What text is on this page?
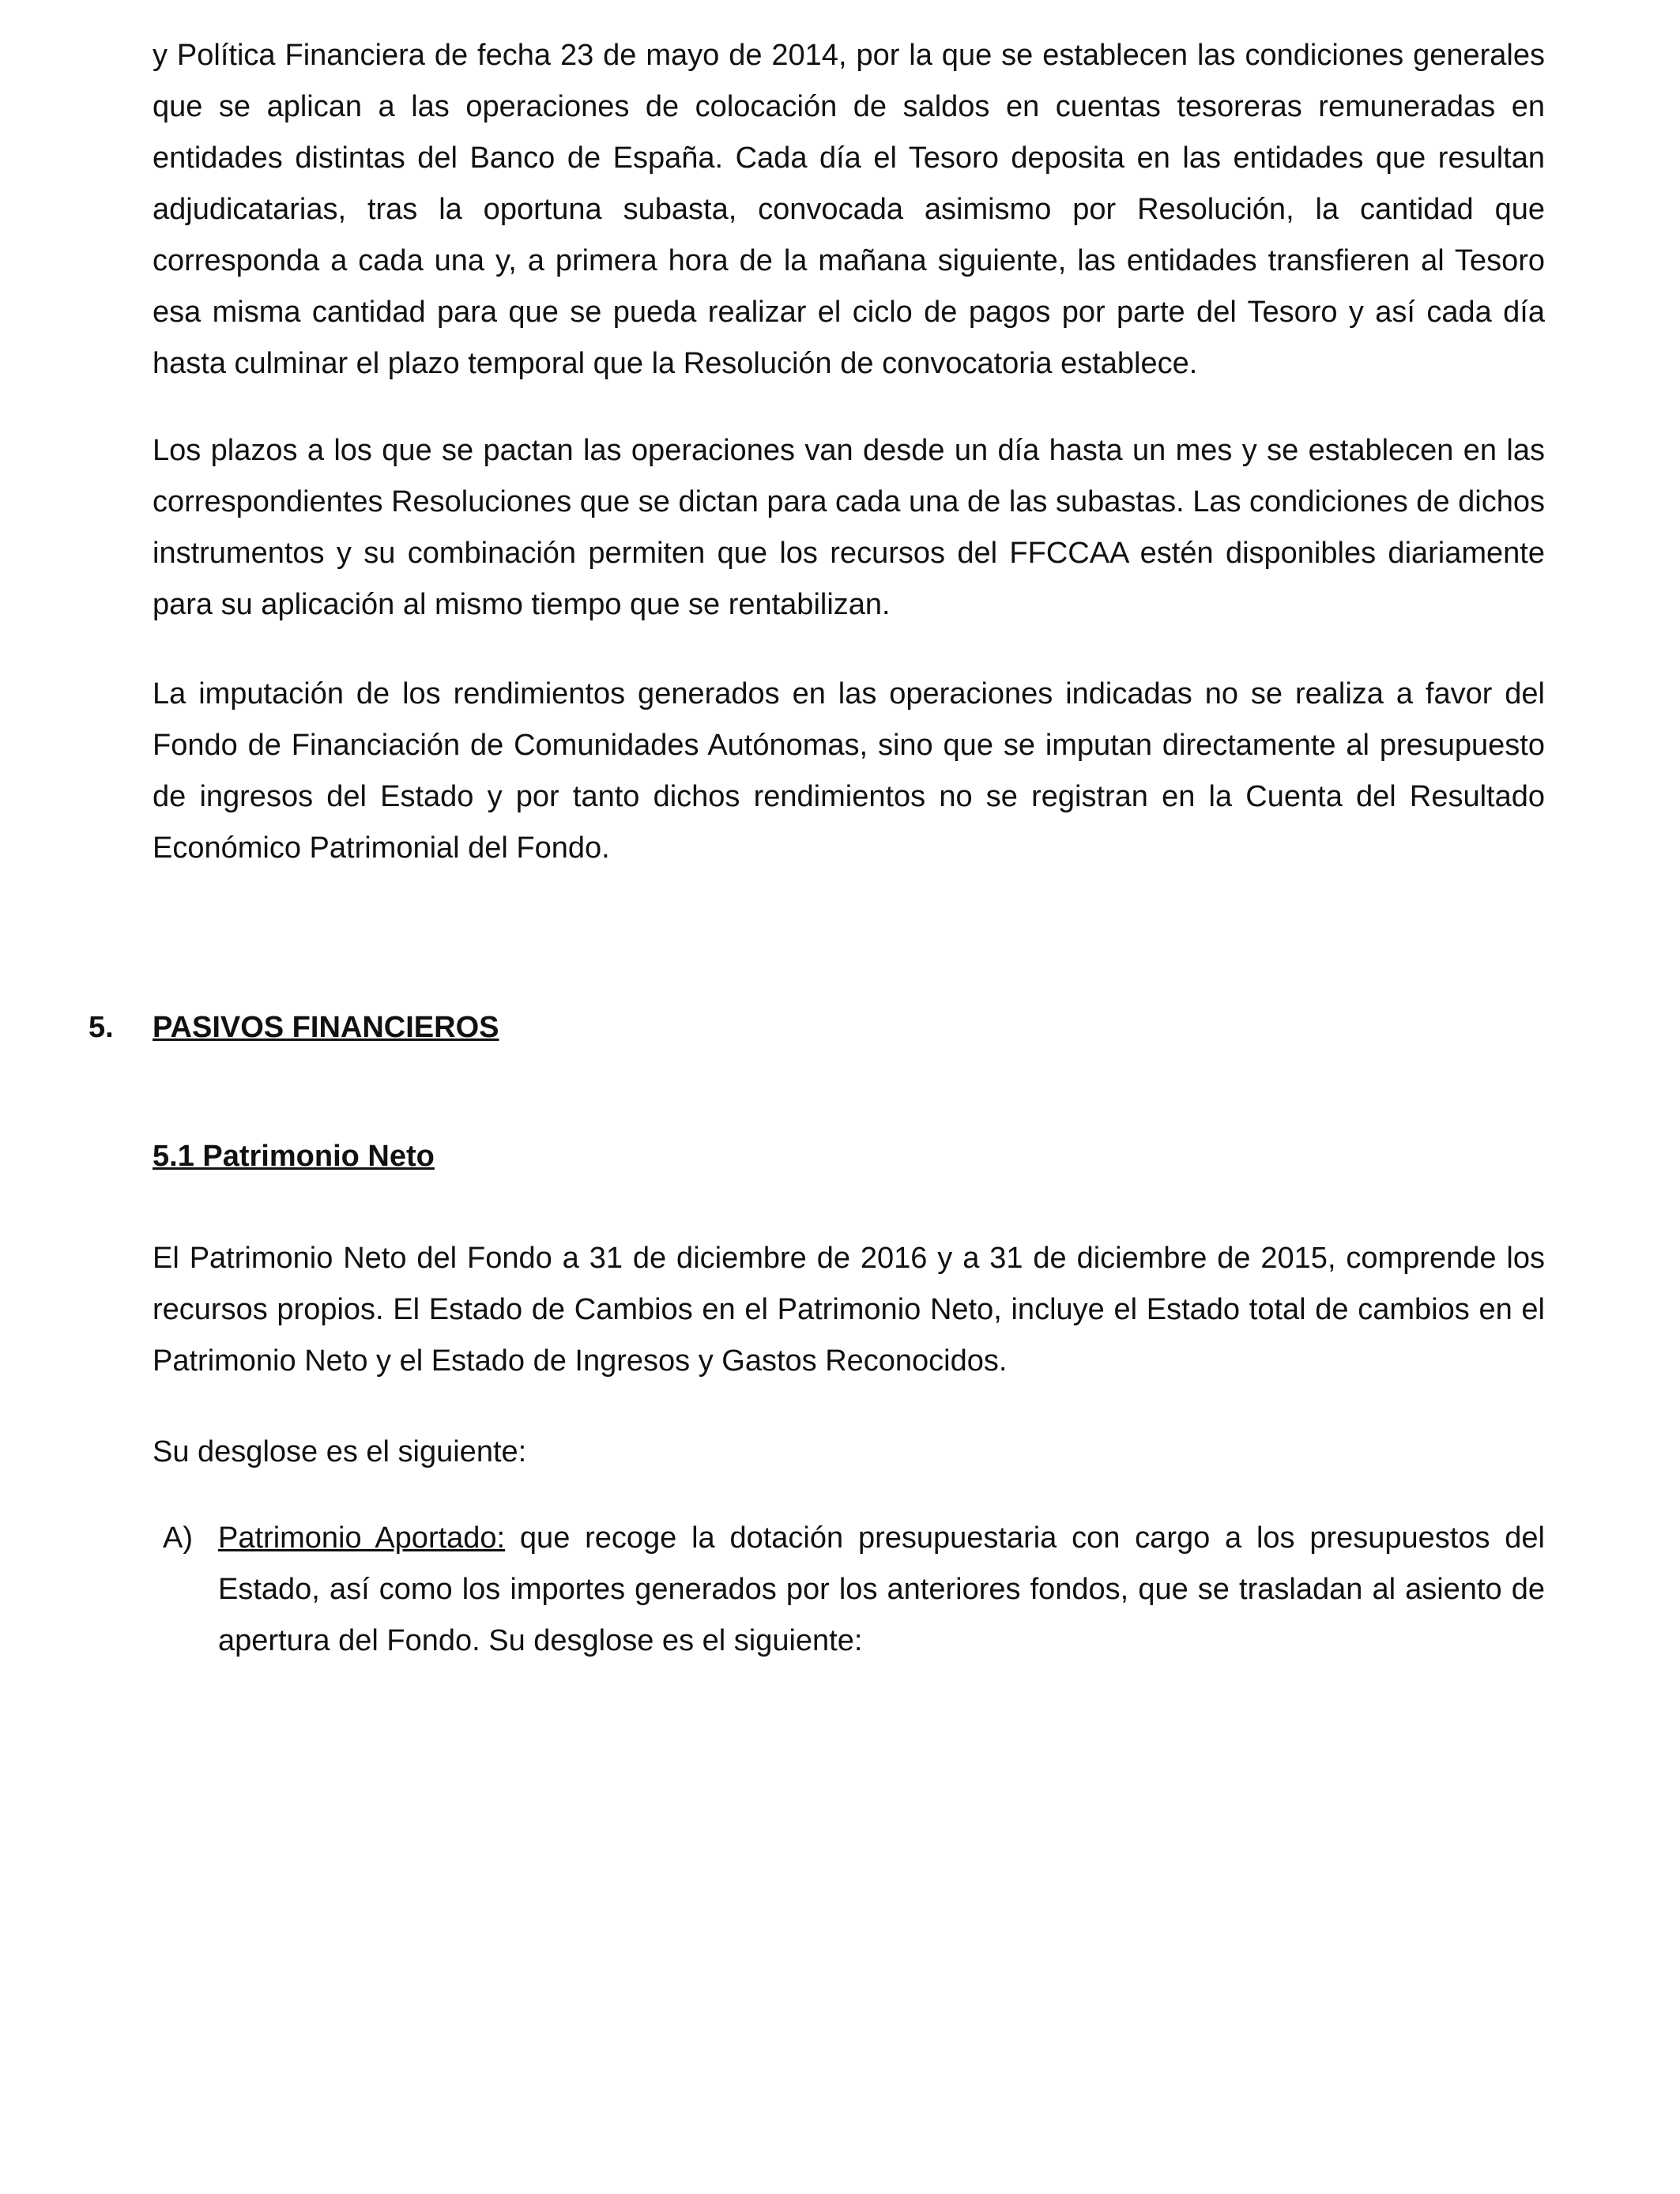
y Política Financiera de fecha 23 de mayo de 2014, por la que se establecen las condiciones generales que se aplican a las operaciones de colocación de saldos en cuentas tesoreras remuneradas en entidades distintas del Banco de España. Cada día el Tesoro deposita en las entidades que resultan adjudicatarias, tras la oportuna subasta, convocada asimismo por Resolución, la cantidad que corresponda a cada una y, a primera hora de la mañana siguiente, las entidades transfieren al Tesoro esa misma cantidad para que se pueda realizar el ciclo de pagos por parte del Tesoro y así cada día hasta culminar el plazo temporal que la Resolución de convocatoria establece.

Los plazos a los que se pactan las operaciones van desde un día hasta un mes y se establecen en las correspondientes Resoluciones que se dictan para cada una de las subastas. Las condiciones de dichos instrumentos y su combinación permiten que los recursos del FFCCAA estén disponibles diariamente para su aplicación al mismo tiempo que se rentabilizan.

La imputación de los rendimientos generados en las operaciones indicadas no se realiza a favor del Fondo de Financiación de Comunidades Autónomas, sino que se imputan directamente al presupuesto de ingresos del Estado y por tanto dichos rendimientos no se registran en la Cuenta del Resultado Económico Patrimonial del Fondo.

5. PASIVOS FINANCIEROS

5.1 Patrimonio Neto

El Patrimonio Neto del Fondo a 31 de diciembre de 2016 y a 31 de diciembre de 2015, comprende los recursos propios. El Estado de Cambios en el Patrimonio Neto, incluye el Estado total de cambios en el Patrimonio Neto y el Estado de Ingresos y Gastos Reconocidos.

Su desglose es el siguiente:

A) Patrimonio Aportado: que recoge la dotación presupuestaria con cargo a los presupuestos del Estado, así como los importes generados por los anteriores fondos, que se trasladan al asiento de apertura del Fondo. Su desglose es el siguiente:
